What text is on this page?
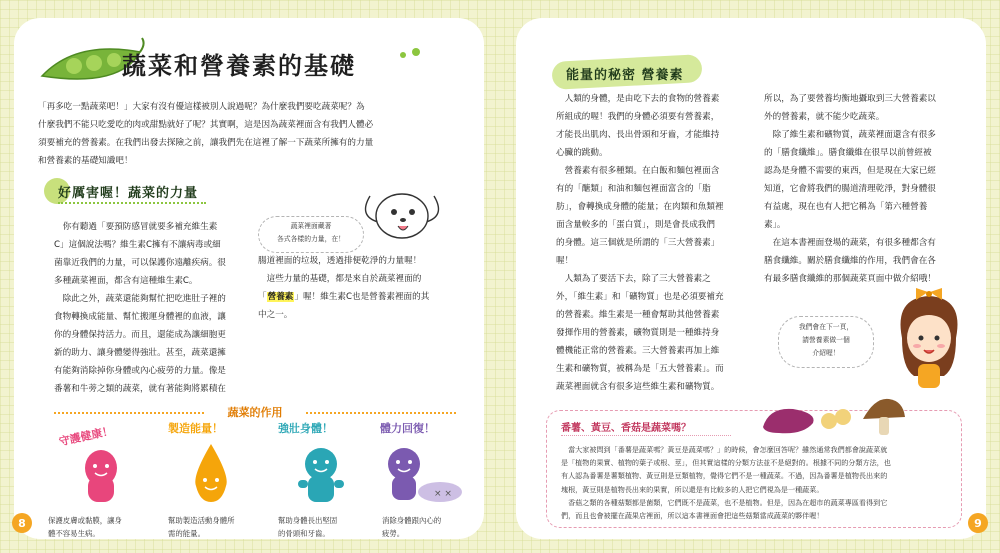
蔬菜和營養素的基礎
「再多吃一點蔬菜吧！」大家有沒有優這樣被別人說過呢？為什麼我們要吃蔬菜呢？為
什麼我們不能只吃愛吃的肉或甜點就好了呢？其實啊，這是因為蔬菜裡面含有我們人體必
須要補充的營養素。在我們出發去探險之前，讓我們先在這裡了解一下蔬菜所擁有的力量
和營養素的基礎知識吧！
好厲害喔！蔬菜的力量
你有聽過「要預防感冒就要多補充維生素
C」這個說法嗎？維生素C擁有不讓病毒或細
菌靠近我們的力量，可以保護你遠離疾病。很
多種蔬菜裡面，都含有這種維生素C。
除此之外，蔬菜還能夠幫忙把吃進肚子裡的
食物轉換成能量、幫忙搬運身體裡的血液，讓
你的身體保持活力。而且，還能成為讓細胞更
新的助力、讓身體變得強壯。甚至，蔬菜還擁
有能夠消除掉你身體或內心疲勞的力量。像是
番薯和牛蒡之類的蔬菜，就有著能夠將累積在
蔬菜裡面藏著
各式各樣的力量，在！
腸道裡面的垃圾，透過排便乾淨的力量喔！
這些力量的基礎，都是來自於蔬菜裡面的
「營養素」喔！維生素C也是營養素裡面的其
中之一。
蔬菜的作用
守護健康！
保護皮膚或黏膜，讓身
體不容易生病。
製造能量！
幫助製造活動身體所
需的能量。
強壯身體！
幫助身體長出堅固
的骨頭和牙齒。
體力回復！
× ×
消除身體跟內心的
疲勞。
8
能量的秘密 營養素
人類的身體，是由吃下去的食物的營養素
所組成的喔！我們的身體必須要有營養素，
才能長出肌肉、長出骨頭和牙齒，才能維持
心臟的跳動。
營養素有很多種類。在白飯和麵包裡面含
有的「醣類」和油和麵包裡面富含的「脂
肪」，會轉換成身體的能量；在肉類和魚類裡
面含量較多的「蛋白質」，則是會長成我們
的身體。這三個就是所謂的「三大營養素」
喔！
人類為了要活下去，除了三大營養素之
外，「維生素」和「礦物質」也是必須要補充
的營養素。維生素是一種會幫助其他營養素
發揮作用的營養素，礦物質則是一種維持身
體機能正常的營養素。三大營養素再加上維
生素和礦物質，被稱為是「五大營養素」。而
蔬菜裡面就含有很多這些維生素和礦物質。
所以，為了要營養均衡地攝取到三大營養素以
外的營養素，就不能少吃蔬菜。
除了維生素和礦物質，蔬菜裡面還含有很多
的「膳食纖維」。膳食纖維在很早以前曾經被
認為是身體不需要的東西，但是現在大家已經
知道，它會將我們的腸道清理乾淨，對身體很
有益處，現在也有人把它稱為「第六種營養
素」。
在這本書裡面登場的蔬菜，有很多種都含有
膳食纖維。關於膳食纖維的作用，我們會在各
有最多膳食纖維的那個蔬菜頁面中做介紹哦！
我們會在下一頁，
請營養素做一個
介紹喔！
番薯、黃豆、香菇是蔬菜嗎？
當大家被問到「番薯是蔬菜嗎？黃豆是蔬菜嗎？」的時候，會怎麼回答呢？雖然通常我們都會說蔬菜就
是「植物的果實、植物的葉子或根、莖」，但其實這樣的分類方法並不是絕對的。根據不同的分類方法，也
有人認為番薯是薯類植物、黃豆則是豆類植物，覺得它們不是一種蔬菜。不過，因為番薯是植物長出來的
塊根，黃豆則是植物長出來的果實，所以還是有比較多的人把它們視為是一種蔬菜。
香菇之類的各種菇類都是菌類，它們既不是蔬菜，也不是植物。但是，因為在超市的蔬菜專區看得到它
們，而且也會被擺在蔬果店裡面，所以這本書裡面會把這些菇類當成蔬菜的夥伴喔！
9
